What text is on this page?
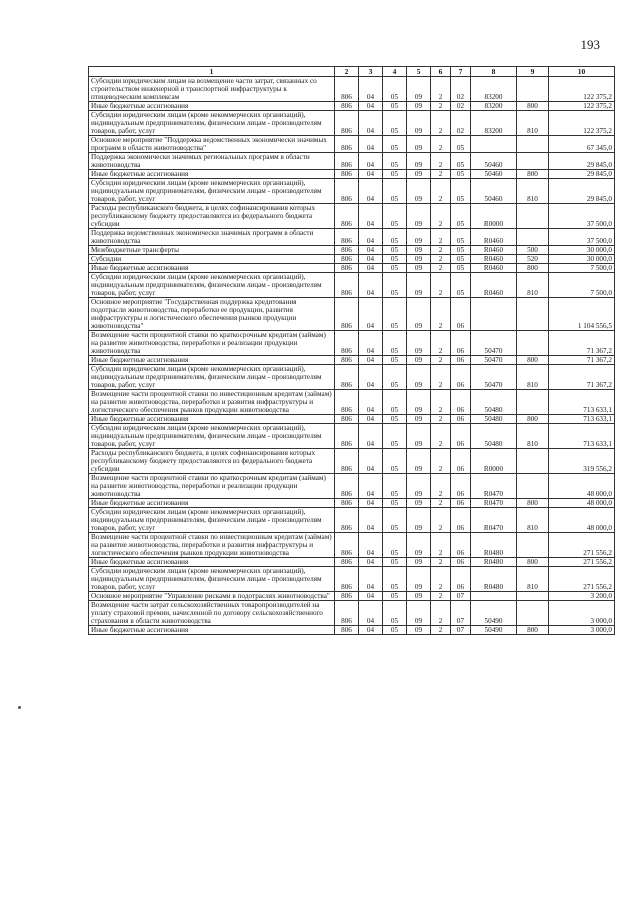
193
1	2	3	4	5	6	7	8	9	10
Субсидии юридическим лицам на возмещение части затрат, связанных со строительством инженерной и транспортной инфраструктуры к птицеводческим комплексам	806	04	05	09	2	02	83200		122 375,2
Иные бюджетные ассигнования	806	04	05	09	2	02	83200	800	122 375,2
Субсидии юридическим лицам (кроме некоммерческих организаций), индивидуальным предпринимателям, физическим лицам - производителям товаров, работ, услуг	806	04	05	09	2	02	83200	810	122 375,2
Основное мероприятие "Поддержка ведомственных экономически значимых программ в области животноводства"	806	04	05	09	2	05			67 345,0
Поддержка экономически значимых региональных программ в области животноводства	806	04	05	09	2	05	50460		29 845,0
Иные бюджетные ассигнования	806	04	05	09	2	05	50460	800	29 845,0
Субсидии юридическим лицам (кроме некоммерческих организаций), индивидуальным предпринимателям, физическим лицам - производителям товаров, работ, услуг	806	04	05	09	2	05	50460	810	29 845,0
Расходы республиканского бюджета, в целях софинансирования которых республиканскому бюджету предоставляются из федерального бюджета субсидии	806	04	05	09	2	05	R0000		37 500,0
Поддержка ведомственных экономически значимых программ в области животноводства	806	04	05	09	2	05	R0460		37 500,0
Межбюджетные трансферты	806	04	05	09	2	05	R0460	500	30 000,0
Субсидии	806	04	05	09	2	05	R0460	520	30 000,0
Иные бюджетные ассигнования	806	04	05	09	2	05	R0460	800	7 500,0
Субсидии юридическим лицам (кроме некоммерческих организаций), индивидуальным предпринимателям, физическим лицам - производителям товаров, работ, услуг	806	04	05	09	2	05	R0460	810	7 500,0
Основное мероприятие "Государственная поддержка кредитования подотрасли животноводства, переработки ее продукции, развития инфраструктуры и логистического обеспечения рынков продукции животноводства"	806	04	05	09	2	06			1 104 556,5
Возмещение части процентной ставки по краткосрочным кредитам (займам) на развитие животноводства, переработки и реализации продукции животноводства	806	04	05	09	2	06	50470		71 367,2
Иные бюджетные ассигнования	806	04	05	09	2	06	50470	800	71 367,2
Субсидии юридическим лицам (кроме некоммерческих организаций), индивидуальным предпринимателям, физическим лицам - производителям товаров, работ, услуг	806	04	05	09	2	06	50470	810	71 367,2
Возмещение части процентной ставки по инвестиционным кредитам (займам) на развитие животноводства, переработки и развития инфраструктуры и логистического обеспечения рынков продукции животноводства	806	04	05	09	2	06	50480		713 633,1
Иные бюджетные ассигнования	806	04	05	09	2	06	50480	800	713 633,1
Субсидии юридическим лицам (кроме некоммерческих организаций), индивидуальным предпринимателям, физическим лицам - производителям товаров, работ, услуг	806	04	05	09	2	06	50480	810	713 633,1
Расходы республиканского бюджета, в целях софинансирования которых республиканскому бюджету предоставляются из федерального бюджета субсидии	806	04	05	09	2	06	R0000		319 556,2
Возмещение части процентной ставки по краткосрочным кредитам (займам) на развитие животноводства, переработки и реализации продукции животноводства	806	04	05	09	2	06	R0470		48 000,0
Иные бюджетные ассигнования	806	04	05	09	2	06	R0470	800	48 000,0
Субсидии юридическим лицам (кроме некоммерческих организаций), индивидуальным предпринимателям, физическим лицам - производителям товаров, работ, услуг	806	04	05	09	2	06	R0470	810	48 000,0
Возмещение части процентной ставки по инвестиционным кредитам (займам) на развитие животноводства, переработки и развития инфраструктуры и логистического обеспечения рынков продукции животноводства	806	04	05	09	2	06	R0480		271 556,2
Иные бюджетные ассигнования	806	04	05	09	2	06	R0480	800	271 556,2
Субсидии юридическим лицам (кроме некоммерческих организаций), индивидуальным предпринимателям, физическим лицам - производителям товаров, работ, услуг	806	04	05	09	2	06	R0480	810	271 556,2
Основное мероприятие "Управление рисками в подотраслях животноводства"	806	04	05	09	2	07			3 200,0
Возмещение части затрат сельскохозяйственных товаропроизводителей на уплату страховой премии, начисленной по договору сельскохозяйственного страхования в области животноводства	806	04	05	09	2	07	50490		3 000,0
Иные бюджетные ассигнования	806	04	05	09	2	07	50490	800	3 000,0
